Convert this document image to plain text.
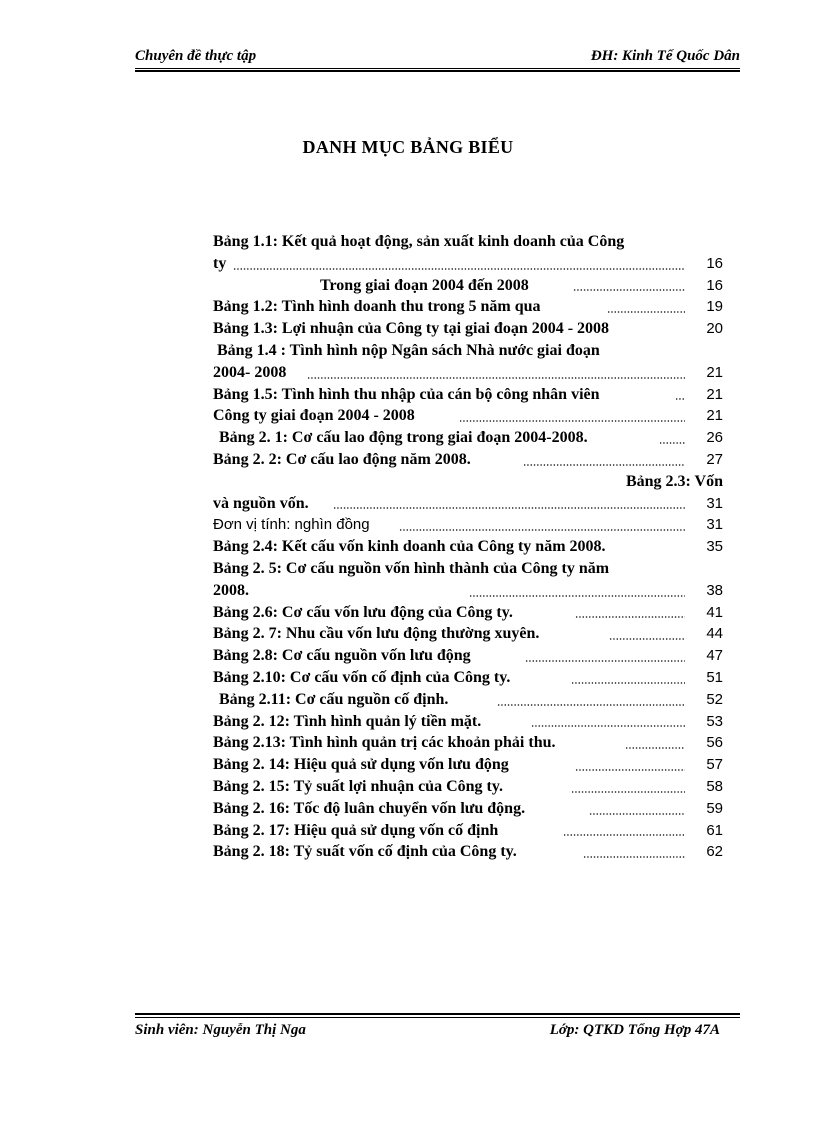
Chuyên đề thực tập	ĐH: Kinh Tế Quốc Dân
DANH MỤC BẢNG BIỂU
Bảng 1.1: Kết quả hoạt động, sản xuất kinh doanh của Công
ty	16
Trong giai đoạn 2004 đến 2008	16
Bảng 1.2: Tình hình doanh thu trong 5 năm qua	19
Bảng 1.3: Lợi nhuận của Công ty tại giai đoạn 2004 - 2008	20
Bảng 1.4 : Tình hình nộp Ngân sách Nhà nước giai đoạn
2004- 2008	21
Bảng 1.5: Tình hình thu nhập của cán bộ công nhân viên	21
Công ty giai đoạn 2004 - 2008	21
Bảng 2. 1: Cơ cấu lao động trong giai đoạn 2004-2008.	26
Bảng 2. 2: Cơ cấu lao động năm 2008.	27
Bảng 2.3: Vốn
và nguồn vốn.	31
Đơn vị tính: nghìn đồng	31
Bảng 2.4: Kết cấu vốn kinh doanh của Công ty năm 2008.	35
Bảng 2. 5: Cơ cấu nguồn vốn hình thành của Công ty năm
2008.	38
Bảng 2.6: Cơ cấu vốn lưu động của Công ty.	41
Bảng 2. 7: Nhu cầu vốn lưu động thường xuyên.	44
Bảng 2.8: Cơ cấu nguồn vốn lưu động	47
Bảng 2.10: Cơ cấu vốn cố định của Công ty.	51
Bảng 2.11: Cơ cấu nguồn cố định.	52
Bảng 2. 12: Tình hình quản lý tiền mặt.	53
Bảng 2.13: Tình hình quản trị các khoản phải thu.	56
Bảng 2. 14: Hiệu quả sử dụng vốn lưu động	57
Bảng 2. 15: Tỷ suất lợi nhuận của Công ty.	58
Bảng 2. 16: Tốc độ luân chuyển vốn lưu động.	59
Bảng 2. 17: Hiệu quả sử dụng vốn cố định	61
Bảng 2. 18: Tỷ suất vốn cố định của Công ty.	62
Sinh viên: Nguyễn Thị Nga	Lớp: QTKD Tổng Hợp 47A
